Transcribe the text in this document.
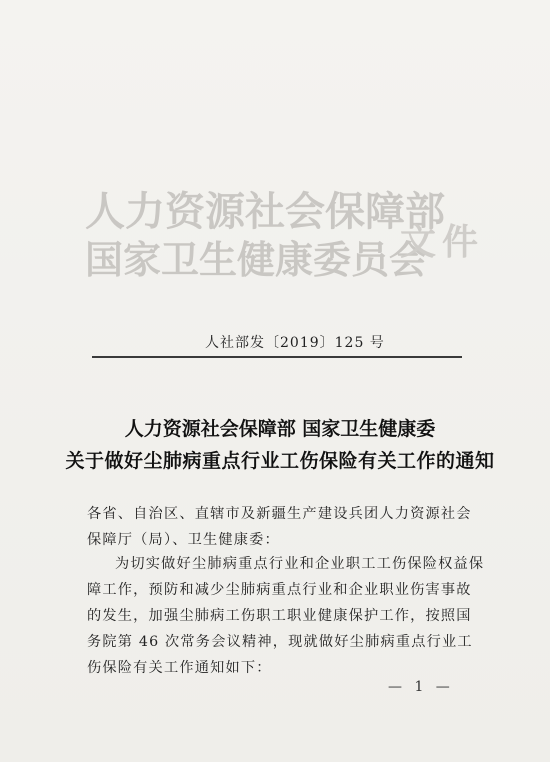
人力资源社会保障部
国家卫生健康委员会
文件
人社部发〔2019〕125 号
人力资源社会保障部 国家卫生健康委
关于做好尘肺病重点行业工伤保险有关工作的通知
各省、自治区、直辖市及新疆生产建设兵团人力资源社会保障厅（局）、卫生健康委：
为切实做好尘肺病重点行业和企业职工工伤保险权益保障工作，预防和减少尘肺病重点行业和企业职业伤害事故的发生，加强尘肺病工伤职工职业健康保护工作，按照国务院第 46 次常务会议精神，现就做好尘肺病重点行业工伤保险有关工作通知如下：
— 1 —
